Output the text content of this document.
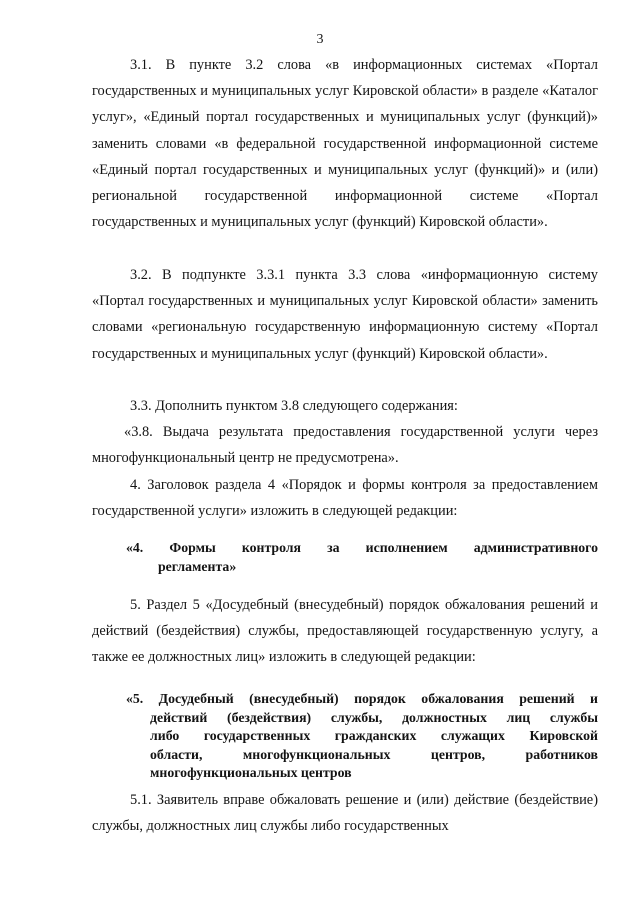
3
3.1. В пункте 3.2 слова «в информационных системах «Портал государственных и муниципальных услуг Кировской области» в разделе «Каталог услуг», «Единый портал государственных и муниципальных услуг (функций)» заменить словами «в федеральной государственной информационной системе «Единый портал государственных и муниципальных услуг (функций)» и (или) региональной государственной информационной системе «Портал государственных и муниципальных услуг (функций) Кировской области».
3.2. В подпункте 3.3.1 пункта 3.3 слова «информационную систему «Портал государственных и муниципальных услуг Кировской области» заменить словами «региональную государственную информационную систему «Портал государственных и муниципальных услуг (функций) Кировской области».
3.3. Дополнить пунктом 3.8 следующего содержания:
«3.8. Выдача результата предоставления государственной услуги через многофункциональный центр не предусмотрена».
4. Заголовок раздела 4 «Порядок и формы контроля за предоставлением государственной услуги» изложить в следующей редакции:
«4. Формы контроля за исполнением административного
регламента»
5. Раздел 5 «Досудебный (внесудебный) порядок обжалования решений и действий (бездействия) службы, предоставляющей государственную услугу, а также ее должностных лиц» изложить в следующей редакции:
«5. Досудебный (внесудебный) порядок обжалования решений и
действий (бездействия) службы, должностных лиц службы
либо государственных гражданских служащих Кировской
области, многофункциональных центров, работников
многофункциональных центров
5.1. Заявитель вправе обжаловать решение и (или) действие (бездействие) службы, должностных лиц службы либо государственных
